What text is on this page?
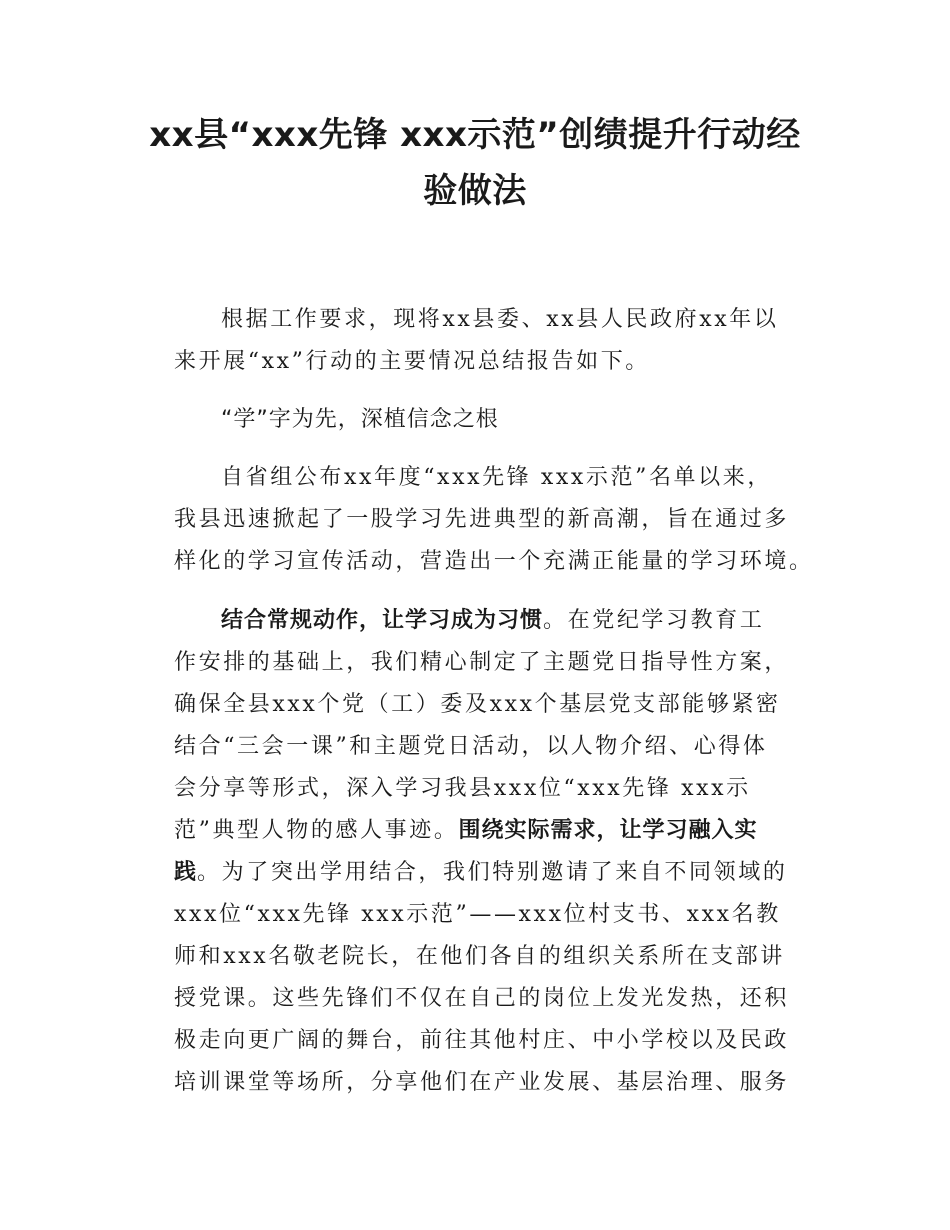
xx县“xxx先锋 xxx示范”创绩提升行动经
验做法

根据工作要求，现将xx县委、xx县人民政府xx年以

来开展“xx”行动的主要情况总结报告如下。

“学”字为先，深植信念之根

自省组公布xx年度“xxx先锋 xxx示范”名单以来，

我县迅速掀起了一股学习先进典型的新高潮，旨在通过多

样化的学习宣传活动，营造出一个充满正能量的学习环境。

结合常规动作，让学习成为习惯。在党纪学习教育工

作安排的基础上，我们精心制定了主题党日指导性方案，

确保全县xxx个党（工）委及xxx个基层党支部能够紧密

结合“三会一课”和主题党日活动，以人物介绍、心得体

会分享等形式，深入学习我县xxx位“xxx先锋 xxx示

范”典型人物的感人事迹。围绕实际需求，让学习融入实

践。为了突出学用结合，我们特别邀请了来自不同领域的

xxx位“xxx先锋 xxx示范”——xxx位村支书、xxx名教

师和xxx名敬老院长，在他们各自的组织关系所在支部讲

授党课。这些先锋们不仅在自己的岗位上发光发热，还积

极走向更广阔的舞台，前往其他村庄、中小学校以及民政

培训课堂等场所，分享他们在产业发展、基层治理、服务
